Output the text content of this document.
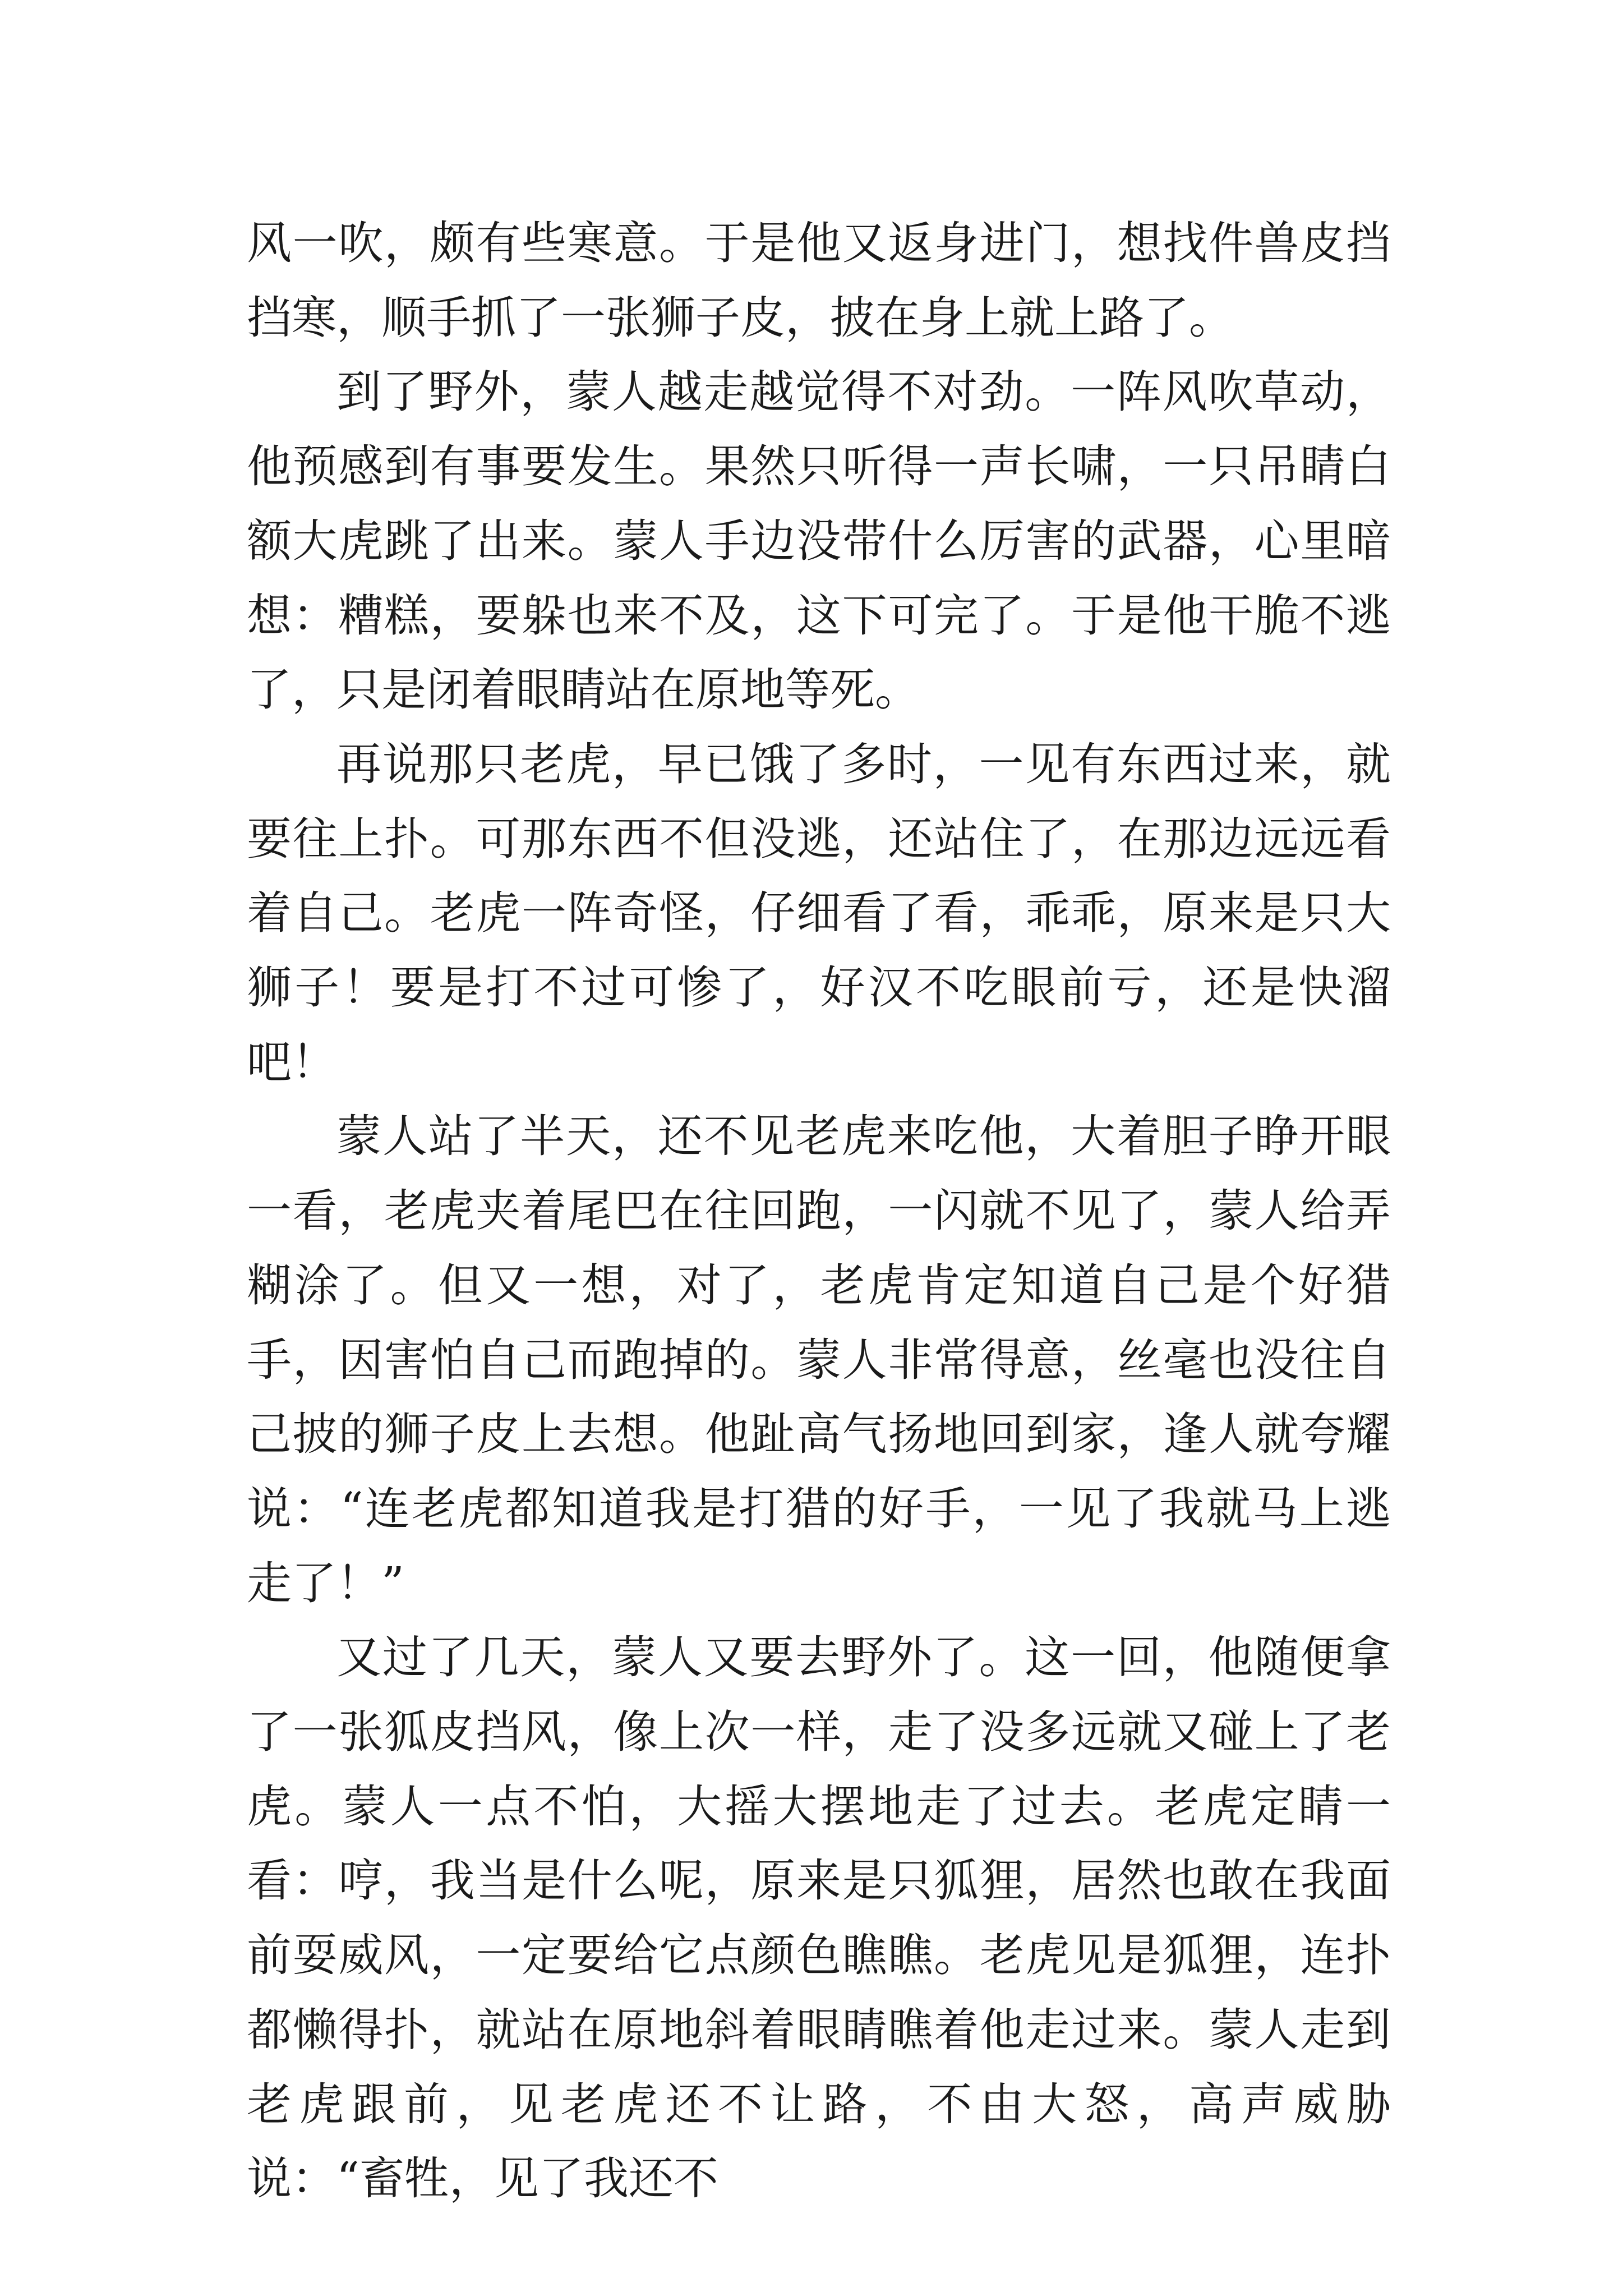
风一吹，颇有些寒意。于是他又返身进门，想找件兽皮挡挡寒，顺手抓了一张狮子皮，披在身上就上路了。

到了野外，蒙人越走越觉得不对劲。一阵风吹草动，他预感到有事要发生。果然只听得一声长啸，一只吊睛白额大虎跳了出来。蒙人手边没带什么厉害的武器，心里暗想：糟糕，要躲也来不及，这下可完了。于是他干脆不逃了，只是闭着眼睛站在原地等死。

再说那只老虎，早已饿了多时，一见有东西过来，就要往上扑。可那东西不但没逃，还站住了，在那边远远看着自己。老虎一阵奇怪，仔细看了看，乖乖，原来是只大狮子！要是打不过可惨了，好汉不吃眼前亏，还是快溜吧！

蒙人站了半天，还不见老虎来吃他，大着胆子睁开眼一看，老虎夹着尾巴在往回跑，一闪就不见了，蒙人给弄糊涂了。但又一想，对了，老虎肯定知道自己是个好猎手，因害怕自己而跑掉的。蒙人非常得意，丝毫也没往自己披的狮子皮上去想。他趾高气扬地回到家，逢人就夸耀说：“连老虎都知道我是打猎的好手，一见了我就马上逃走了！”

又过了几天，蒙人又要去野外了。这一回，他随便拿了一张狐皮挡风，像上次一样，走了没多远就又碰上了老虎。蒙人一点不怕，大摇大摆地走了过去。老虎定睛一看：哼，我当是什么呢，原来是只狐狸，居然也敢在我面前耍威风，一定要给它点颜色瞧瞧。老虎见是狐狸，连扑都懒得扑，就站在原地斜着眼睛瞧着他走过来。蒙人走到老虎跟前，见老虎还不让路，不由大怒，高声威胁说：“畜牲，见了我还不
